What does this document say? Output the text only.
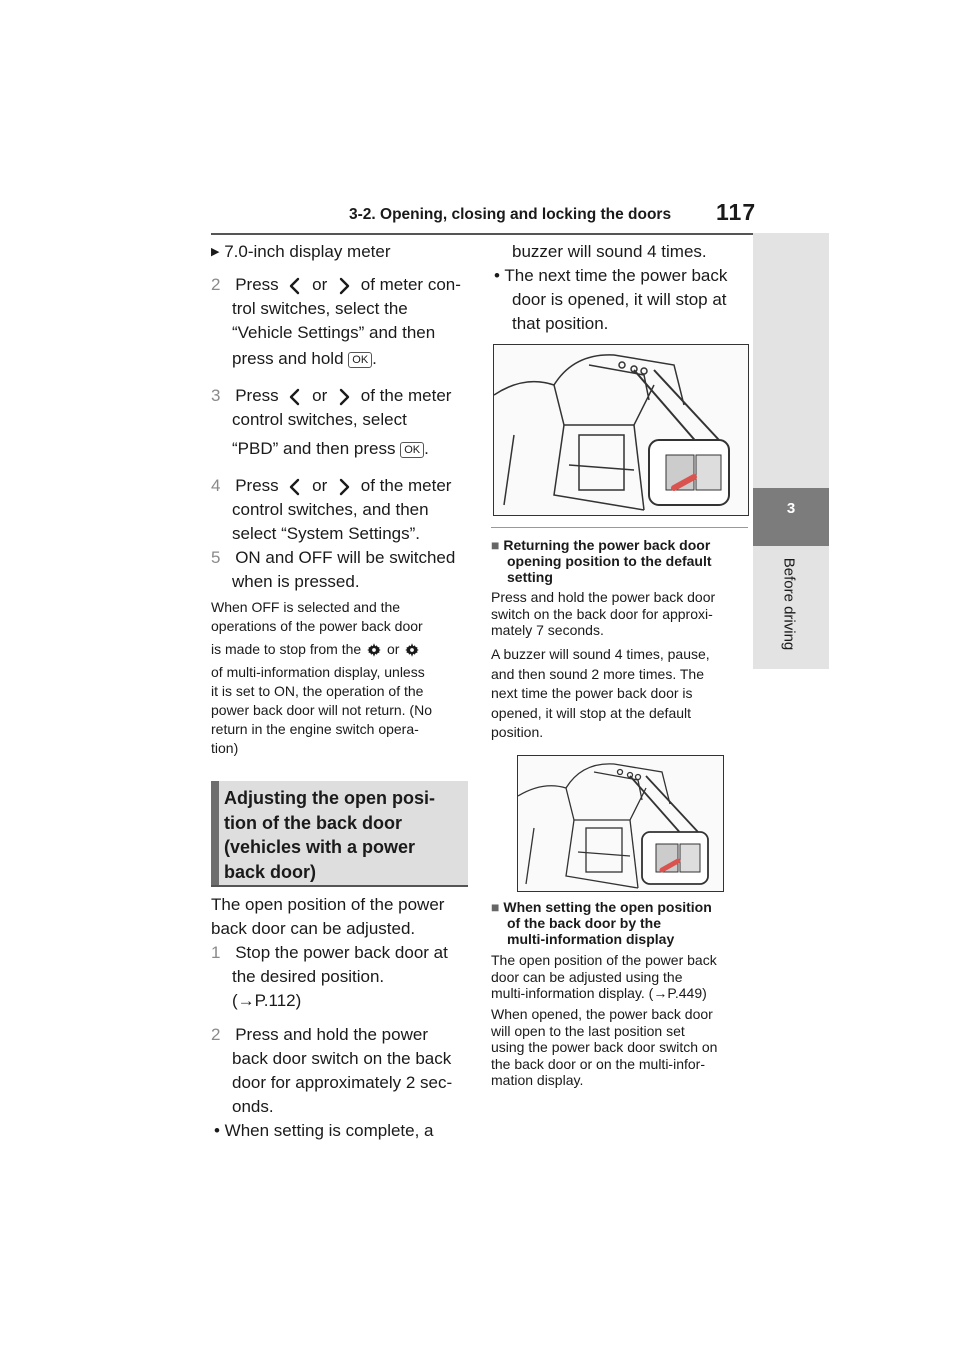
3-2. Opening, closing and locking the doors 117
3
Before driving
▶ 7.0-inch display meter
2 Press or of meter con-
trol switches, select the
“Vehicle Settings” and then
press and hold OK .
3 Press or of the meter
control switches, select
“PBD” and then press OK .
4 Press or of the meter
control switches, and then
select “System Settings”.
5 ON and OFF will be switched
when is pressed.
When OFF is selected and the
operations of the power back door
is made to stop from the or
of multi-information display, unless
it is set to ON, the operation of the
power back door will not return. (No
return in the engine switch opera-
tion)
Adjusting the open posi-
tion of the back door
(vehicles with a power
back door)
The open position of the power
back door can be adjusted.
1 Stop the power back door at
the desired position.
(→P.112)
2 Press and hold the power
back door switch on the back
door for approximately 2 sec-
onds.
• When setting is complete, a
buzzer will sound 4 times.
• The next time the power back
door is opened, it will stop at
that position.
■ Returning the power back door
opening position to the default
setting
Press and hold the power back door
switch on the back door for approxi-
mately 7 seconds.
A buzzer will sound 4 times, pause,
and then sound 2 more times. The
next time the power back door is
opened, it will stop at the default
position.
■ When setting the open position
of the back door by the
multi-information display
The open position of the power back
door can be adjusted using the
multi-information display. (→P.449)
When opened, the power back door
will open to the last position set
using the power back door switch on
the back door or on the multi-infor-
mation display.
